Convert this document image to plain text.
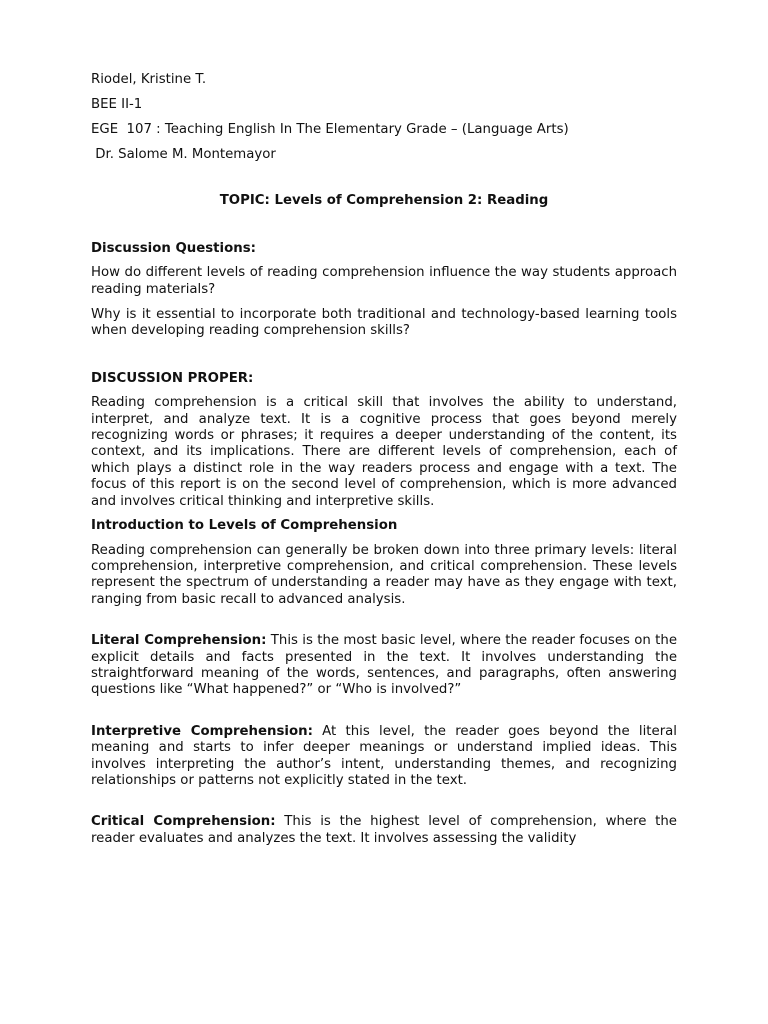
Riodel, Kristine T.

BEE II-1

EGE  107 : Teaching English In The Elementary Grade – (Language Arts)

Dr. Salome M. Montemayor

TOPIC: Levels of Comprehension 2: Reading

Discussion Questions:

How do different levels of reading comprehension influence the way students approach reading materials?

Why is it essential to incorporate both traditional and technology-based learning tools when developing reading comprehension skills?

DISCUSSION PROPER:

Reading comprehension is a critical skill that involves the ability to understand, interpret, and analyze text. It is a cognitive process that goes beyond merely recognizing words or phrases; it requires a deeper understanding of the content, its context, and its implications. There are different levels of comprehension, each of which plays a distinct role in the way readers process and engage with a text. The focus of this report is on the second level of comprehension, which is more advanced and involves critical thinking and interpretive skills.

Introduction to Levels of Comprehension

Reading comprehension can generally be broken down into three primary levels: literal comprehension, interpretive comprehension, and critical comprehension. These levels represent the spectrum of understanding a reader may have as they engage with text, ranging from basic recall to advanced analysis.

Literal Comprehension: This is the most basic level, where the reader focuses on the explicit details and facts presented in the text. It involves understanding the straightforward meaning of the words, sentences, and paragraphs, often answering questions like “What happened?” or “Who is involved?”

Interpretive Comprehension: At this level, the reader goes beyond the literal meaning and starts to infer deeper meanings or understand implied ideas. This involves interpreting the author’s intent, understanding themes, and recognizing relationships or patterns not explicitly stated in the text.

Critical Comprehension: This is the highest level of comprehension, where the reader evaluates and analyzes the text. It involves assessing the validity
